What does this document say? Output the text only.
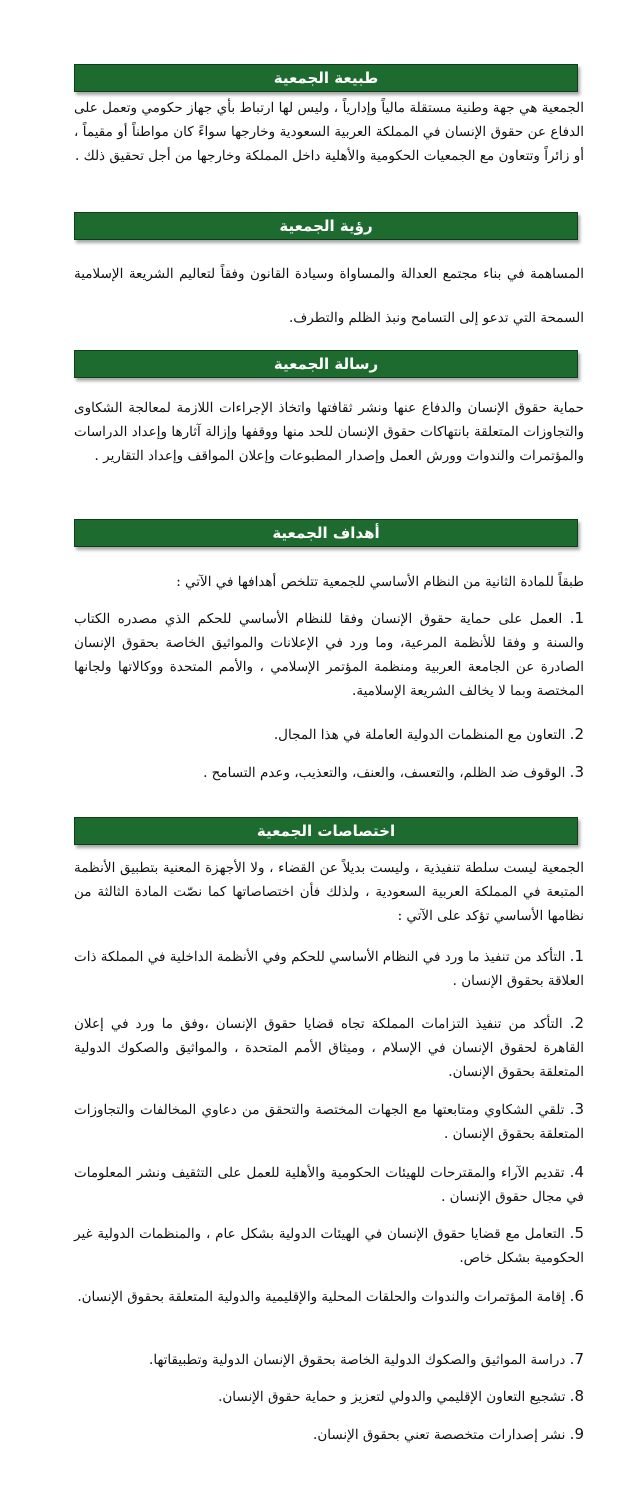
طبيعة الجمعية
الجمعية هي جهة وطنية مستقلة مالياً وإدارياً ، وليس لها ارتباط بأي جهاز حكومي وتعمل على الدفاع عن حقوق الإنسان في المملكة العربية السعودية وخارجها سواءً كان مواطناً أو مقيماً ، أو زائراً وتتعاون مع الجمعيات الحكومية والأهلية داخل المملكة وخارجها من أجل تحقيق ذلك .
رؤية الجمعية
المساهمة في بناء مجتمع العدالة والمساواة وسيادة القانون وفقاً لتعاليم الشريعة الإسلامية السمحة التي تدعو إلى التسامح ونبذ الظلم والتطرف.
رسالة الجمعية
حماية حقوق الإنسان والدفاع عنها ونشر ثقافتها واتخاذ الإجراءات اللازمة لمعالجة الشكاوى والتجاوزات المتعلقة بانتهاكات حقوق الإنسان للحد منها ووقفها وإزالة آثارها وإعداد الدراسات والمؤتمرات والندوات وورش العمل وإصدار المطبوعات وإعلان المواقف وإعداد التقارير .
أهداف الجمعية
طبقاً للمادة الثانية من النظام الأساسي للجمعية تتلخص أهدافها في الآتي :
1. العمل على حماية حقوق الإنسان وفقا للنظام الأساسي للحكم الذي مصدره الكتاب والسنة و وفقا للأنظمة المرعية، وما ورد في الإعلانات والمواثيق الخاصة بحقوق الإنسان الصادرة عن الجامعة العربية ومنظمة المؤتمر الإسلامي ، والأمم المتحدة ووكالاتها ولجانها المختصة وبما لا يخالف الشريعة الإسلامية.
2. التعاون مع المنظمات الدولية العاملة في هذا المجال.
3. الوقوف ضد الظلم، والتعسف، والعنف، والتعذيب، وعدم التسامح .
اختصاصات الجمعية
الجمعية ليست سلطة تنفيذية ، وليست بديلاً عن القضاء ، ولا الأجهزة المعنية بتطبيق الأنظمة المتبعة في المملكة العربية السعودية ، ولذلك فأن اختصاصاتها كما نصّت المادة الثالثة من نظامها الأساسي تؤكد على الآتي :
1. التأكد من تنفيذ ما ورد في النظام الأساسي للحكم وفي الأنظمة الداخلية في المملكة ذات العلاقة بحقوق الإنسان .
2. التأكد من تنفيذ التزامات المملكة تجاه قضايا حقوق الإنسان ،وفق ما ورد في إعلان القاهرة لحقوق الإنسان في الإسلام ، وميثاق الأمم المتحدة ، والمواثيق والصكوك الدولية المتعلقة بحقوق الإنسان.
3. تلقي الشكاوي ومتابعتها مع الجهات المختصة والتحقق من دعاوي المخالفات والتجاوزات المتعلقة بحقوق الإنسان .
4. تقديم الآراء والمقترحات للهيئات الحكومية والأهلية للعمل على التثقيف ونشر المعلومات في مجال حقوق الإنسان .
5. التعامل مع قضايا حقوق الإنسان في الهيئات الدولية بشكل عام ، والمنظمات الدولية غير الحكومية بشكل خاص.
6. إقامة المؤتمرات والندوات والحلقات المحلية والإقليمية والدولية المتعلقة بحقوق الإنسان.
7. دراسة المواثيق والصكوك الدولية الخاصة بحقوق الإنسان الدولية وتطبيقاتها.
8. تشجيع التعاون الإقليمي والدولي لتعزيز و حماية حقوق الإنسان.
9. نشر إصدارات متخصصة تعني بحقوق الإنسان.
